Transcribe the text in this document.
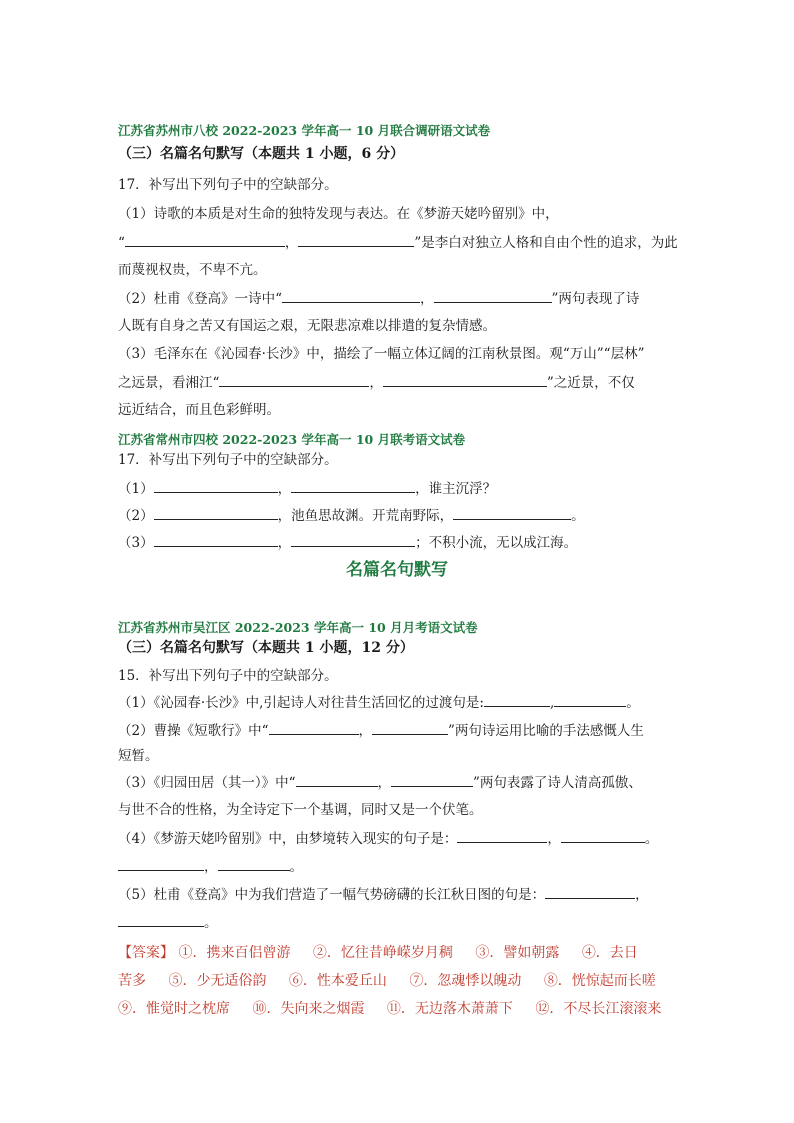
江苏省苏州市八校 2022-2023 学年高一 10 月联合调研语文试卷
（三）名篇名句默写（本题共 1 小题，6 分）
17．补写出下列句子中的空缺部分。
（1）诗歌的本质是对生命的独特发现与表达。在《梦游天姥吟留别》中，
“	，	”是李白对独立人格和自由个性的追求，为此
而蔑视权贵，不卑不亢。
（2）杜甫《登高》一诗中“	，	”两句表现了诗
人既有自身之苦又有国运之艰，无限悲凉难以排遣的复杂情感。
（3）毛泽东在《沁园春·长沙》中，描绘了一幅立体辽阔的江南秋景图。观“万山”“层林”
之远景，看湘江“	，	”之近景，不仅
远近结合，而且色彩鲜明。
江苏省常州市四校 2022-2023 学年高一 10 月联考语文试卷
17．补写出下列句子中的空缺部分。
（1）	，	，谁主沉浮？
（2）	，池鱼思故渊。开荒南野际，	。
（3）	，	；不积小流，无以成江海。
名篇名句默写
江苏省苏州市吴江区 2022-2023 学年高一 10 月月考语文试卷
（三）名篇名句默写（本题共 1 小题，12 分）
15．补写出下列句子中的空缺部分。
（1）《沁园春·长沙》中,引起诗人对往昔生活回忆的过渡句是:	,	。
（2）曹操《短歌行》中“	，	”两句诗运用比喻的手法感慨人生
短暂。
（3）《归园田居（其一）》中“	，	”两句表露了诗人清高孤傲、
与世不合的性格，为全诗定下一个基调，同时又是一个伏笔。
（4）《梦游天姥吟留别》中，由梦境转入现实的句子是：	，	。
，	。
（5）杜甫《登高》中为我们营造了一幅气势磅礴的长江秋日图的句是：	，
。
【答案】 ①．携来百侣曾游 ②．忆往昔峥嵘岁月稠 ③．譬如朝露 ④．去日
苦多 ⑤．少无适俗韵 ⑥．性本爱丘山 ⑦．忽魂悸以魄动 ⑧．恍惊起而长嗟
⑨．惟觉时之枕席 ⑩．失向来之烟霞 ⑪．无边落木萧萧下 ⑫．不尽长江滚滚来
